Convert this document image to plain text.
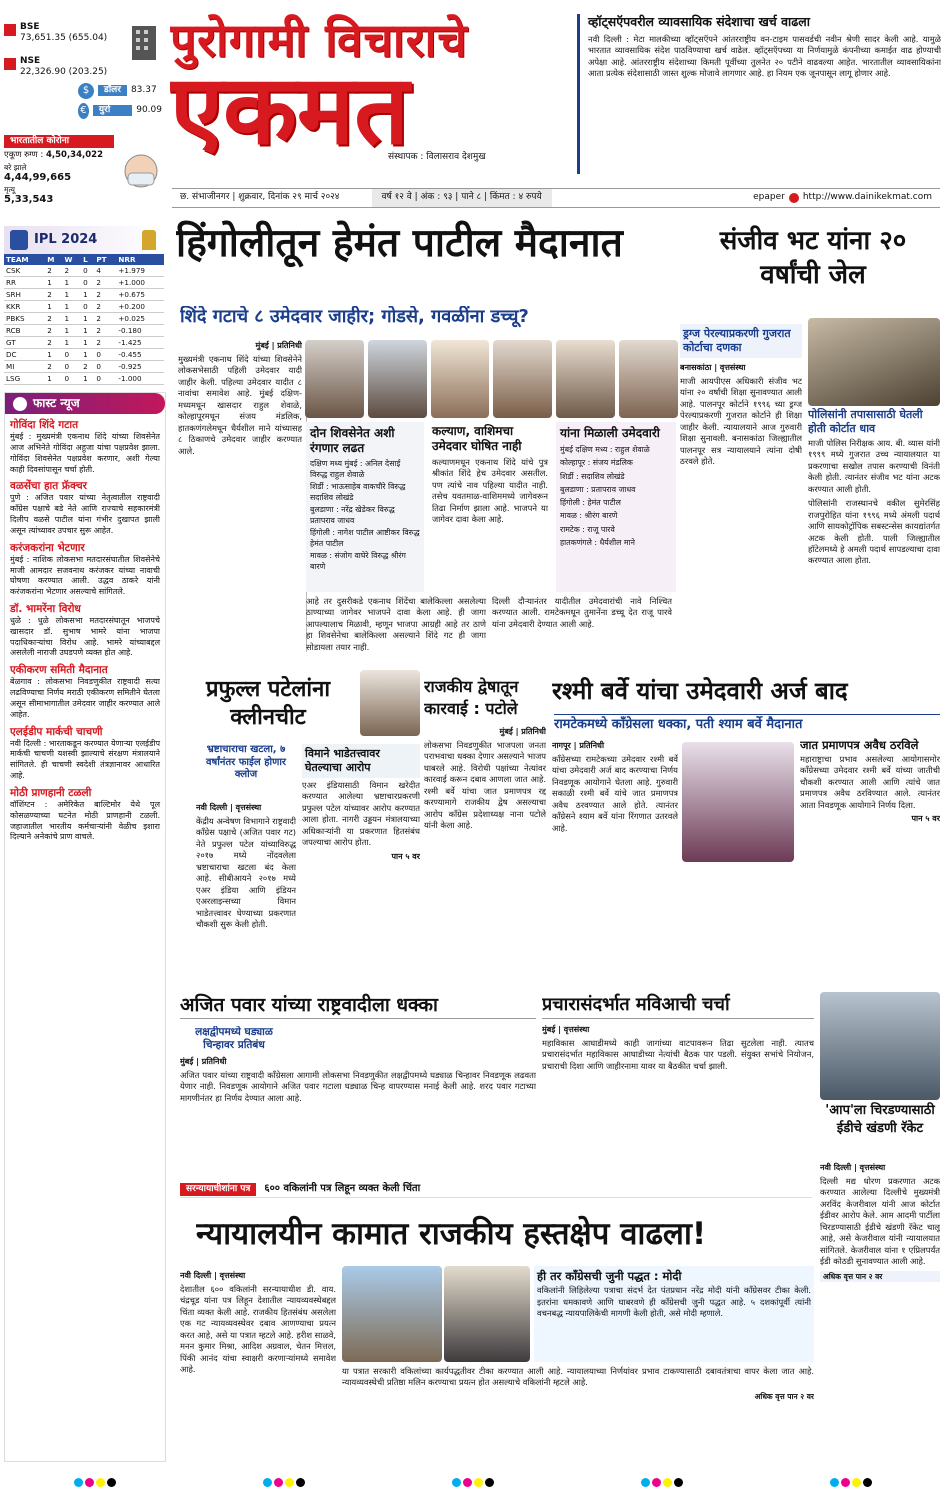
BSE
73,651.35 (655.04)
NSE
22,326.90 (203.25)
$	डॉलर	83.37
€	युरो	90.09
भारतातील कोरोना
एकूण रुग्ण : 4,50,34,022
बरे झाले
4,44,99,665
मृत्यू
5,33,543
IPL 2024
TEAM	M	W	L	PT	NRR
CSK	2	2	0	4	+1.979
RR	1	1	0	2	+1.000
SRH	2	1	1	2	+0.675
KKR	1	1	0	2	+0.200
PBKS	2	1	1	2	+0.025
RCB	2	1	1	2	-0.180
GT	2	1	1	2	-1.425
DC	1	0	1	0	-0.455
MI	2	0	2	0	-0.925
LSG	1	0	1	0	-1.000
फास्ट न्यूज
गोविंदा शिंदे गटात
मुंबई : मुख्यमंत्री एकनाथ शिंदे यांच्या शिवसेनेत आज अभिनेते गोविंदा अहुजा यांचा पक्षप्रवेश झाला. गोविंदा शिवसेनेत पक्षप्रवेश करणार, अशी गेल्या काही दिवसांपासून चर्चा होती.
वळसेंचा हात फ्रॅक्चर
पुणे : अजित पवार यांच्या नेतृत्वातील राष्ट्रवादी काँग्रेस पक्षाचे बडे नेते आणि राज्याचे सहकारमंत्री दिलीप वळसे पाटील यांना गंभीर दुखापत झाली असून त्यांच्यावर उपचार सुरू आहेत.
करंजकरांना भेटणार
मुंबई : नाशिक लोकसभा मतदारसंघातील शिवसेनेचे माजी आमदार सजवनाथ करंजकर यांच्या नावाची घोषणा करण्यात आली. उद्धव ठाकरे यांनी करंजकरांना भेटणार असल्याचे सांगितले.
डॉ. भामरेंना विरोध
धुळे : धुळे लोकसभा मतदारसंघातून भाजपचे खासदार डॉ. सुभाष भामरे यांना भाजपा पदाधिकाऱ्यांचा विरोध आहे. भामरे यांच्याबद्दल असलेली नाराजी उघडपणे व्यक्त होत आहे.
एकीकरण समिती मैदानात
बेळगाव : लोकसभा निवडणुकीत राष्ट्रवादी सत्या लढविण्याचा निर्णय मराठी एकीकरण समितीने घेतला असून सीमाभागातील उमेदवार जाहीर करण्यात आले आहेत.
एलईडीप मार्कची चाचणी
नवी दिल्ली : भारताकडून करण्यात येणाऱ्या एलईडीप मार्कची चाचणी यशस्वी झाल्याचे संरक्षण मंत्रालयाने सांगितले. ही चाचणी स्वदेशी तंत्रज्ञानावर आधारित आहे.
मोठी प्राणहानी टळली
वॉशिंग्टन : अमेरिकेत बाल्टिमोर येथे पूल कोसळण्याच्या घटनेत मोठी प्राणहानी टळली. जहाजातील भारतीय कर्मचाऱ्यांनी वेळीच इशारा दिल्याने अनेकांचे प्राण वाचले.
पुरोगामी विचाराचे
एकमत
संस्थापक : विलासराव देशमुख
व्हॉट्सऍपवरील व्यावसायिक संदेशाचा खर्च वाढला

नवी दिल्ली : मेटा मालकीच्या व्हॉट्सऍपने आंतरराष्ट्रीय वन-टाइम पासवर्डची नवीन श्रेणी सादर केली आहे. यामुळे भारतात व्यावसायिक संदेश पाठविण्याचा खर्च वाढेल. व्हॉट्सऍपच्या या निर्णयामुळे कंपनीच्या कमाईत वाढ होण्याची अपेक्षा आहे. आंतरराष्ट्रीय संदेशाच्या किमती पूर्वीच्या तुलनेत २० पटीने वाढवल्या आहेत. भारतातील व्यावसायिकांना आता प्रत्येक संदेशासाठी जास्त शुल्क मोजावे लागणार आहे. हा नियम एक जूनपासून लागू होणार आहे.

छ. संभाजीनगर | शुक्रवार, दिनांक २९ मार्च २०२४	वर्ष १२ वे | अंक : ९३ | पाने ८ | किंमत : ४ रुपये	epaper http://www.dainikekmat.com
हिंगोलीतून हेमंत पाटील मैदानात
शिंदे गटाचे ८ उमेदवार जाहीर; गोडसे, गवळींना डच्चू?
मुंबई | प्रतिनिधी

मुख्यमंत्री एकनाथ शिंदे यांच्या शिवसेनेने लोकसभेसाठी पहिली उमेदवार यादी जाहीर केली. पहिल्या उमेदवार यादीत ८ नावांचा समावेश आहे. मुंबई दक्षिण-मध्यमधून खासदार राहुल शेवाळे, कोल्हापूरमधून संजय मंडलिक, हातकणंगलेमधून धैर्यशील माने यांच्यासह ८ ठिकाणचे उमेदवार जाहीर करण्यात आले.

दोन शिवसेनेत अशी रंगणार लढत
दक्षिण मध्य मुंबई : अनिल देसाई विरुद्ध राहुल शेवाळे
शिर्डी : भाऊसाहेब वाकचौरे विरुद्ध सदाशिव लोखंडे
बुलडाणा : नरेंद्र खेडेकर विरुद्ध प्रतापराव जाधव
हिंगोली : नागेश पाटील आष्टीकर विरुद्ध हेमंत पाटील
मावळ : संजोग वाघेरे विरुद्ध श्रीरंग बारणे
कल्याण, वाशिमचा उमेदवार घोषित नाही

कल्याणमधून एकनाथ शिंदे यांचे पुत्र श्रीकांत शिंदे हेच उमेदवार असतील. पण त्यांचे नाव पहिल्या यादीत नाही. तसेच यवतमाळ-वाशिममध्ये जागेवरून तिढा निर्माण झाला आहे. भाजपने या जागेवर दावा केला आहे.

यांना मिळाली उमेदवारी
मुंबई दक्षिण मध्य : राहुल शेवाळे
कोल्हापूर : संजय मंडलिक
शिर्डी : सदाशिव लोखंडे
बुलडाणा : प्रतापराव जाधव
हिंगोली : हेमंत पाटील
मावळ : श्रीरंग बारणे
रामटेक : राजू पारवे
हातकणंगले : धैर्यशील माने

आहे तर दुसरीकडे एकनाथ शिंदेंचा बालेकिल्ला असलेल्या ठाण्याच्या जागेवर भाजपने दावा केला आहे. ही जागा आपल्यालाच मिळावी, म्हणून भाजपा आग्रही आहे तर ठाणे हा शिवसेनेचा बालेकिल्ला असल्याने शिंदे गट ही जागा सोडायला तयार नाही.

दिल्ली दौऱ्यानंतर यादीतील उमेदवारांची नावे निश्चित करण्यात आली. रामटेकमधून तुमानेंना डच्चू देत राजू पारवे यांना उमेदवारी देण्यात आली आहे.

संजीव भट यांना २० वर्षांची जेल
ड्रग्ज पेरल्याप्रकरणी गुजरात कोर्टाचा दणका
बनासकांठा | वृत्तसंस्था

माजी आयपीएस अधिकारी संजीव भट यांना २० वर्षांची शिक्षा सुनावण्यात आली आहे. पालनपूर कोर्टाने १९९६ च्या ड्रग्ज पेरल्याप्रकरणी गुजरात कोर्टाने ही शिक्षा जाहीर केली. न्यायालयाने आज गुरुवारी शिक्षा सुनावली. बनासकांठा जिल्ह्यातील पालनपूर सत्र न्यायालयाने त्यांना दोषी ठरवले होते.

पोलिसांनी तपासासाठी घेतली होती कोर्टात धाव

माजी पोलिस निरीक्षक आय. बी. व्यास यांनी १९९९ मध्ये गुजरात उच्च न्यायालयात या प्रकरणाचा सखोल तपास करण्याची विनंती केली होती. त्यानंतर संजीव भट यांना अटक करण्यात आली होती.

पोलिसांनी राजस्थानचे वकील सुमेरसिंह राजपुरोहित यांना १९९६ मध्ये अंमली पदार्थ आणि सायकोट्रॉपिक सबस्टन्सेस कायद्यांतर्गत अटक केली होती. पाली जिल्ह्यातील हॉटेलमध्ये हे अमली पदार्थ सापडल्याचा दावा करण्यात आला होता.

प्रफुल्ल पटेलांना क्लीनचीट
भ्रष्टाचाराचा खटला, ७ वर्षांनंतर फाईल होणार क्लोज
नवी दिल्ली | वृत्तसंस्था

केंद्रीय अन्वेषण विभागाने राष्ट्रवादी काँग्रेस पक्षाचे (अजित पवार गट) नेते प्रफुल्ल पटेल यांच्याविरुद्ध २०१७ मध्ये नोंदवलेला भ्रष्टाचाराचा खटला बंद केला आहे. सीबीआयने २०१७ मध्ये एअर इंडिया आणि इंडियन एअरलाइन्सच्या विमान भाडेतत्त्वावर घेण्याच्या प्रकरणात चौकशी सुरू केली होती.

विमाने भाडेतत्त्वावर घेतल्याचा आरोप

एअर इंडियासाठी विमान खरेदीत करण्यात आलेल्या भ्रष्टाचारप्रकरणी प्रफुल्ल पटेल यांच्यावर आरोप करण्यात आला होता. नागरी उड्डयन मंत्रालयाच्या अधिकाऱ्यांनी या प्रकरणात हितसंबंध जपल्याचा आरोप होता.

पान ५ वर
राजकीय द्वेषातून कारवाई : पटोले
मुंबई | प्रतिनिधी

लोकसभा निवडणुकीत भाजपला जनता पराभवाचा धक्का देणार असल्याने भाजप घाबरले आहे. विरोधी पक्षांच्या नेत्यांवर कारवाई करून दबाव आणला जात आहे. रश्मी बर्वे यांचा जात प्रमाणपत्र रद्द करण्यामागे राजकीय द्वेष असल्याचा आरोप काँग्रेस प्रदेशाध्यक्ष नाना पटोले यांनी केला आहे.

रश्मी बर्वे यांचा उमेदवारी अर्ज बाद
रामटेकमध्ये काँग्रेसला धक्का, पती श्याम बर्वे मैदानात
नागपूर | प्रतिनिधी

काँग्रेसच्या रामटेकच्या उमेदवार रश्मी बर्वे यांचा उमेदवारी अर्ज बाद करण्याचा निर्णय निवडणूक आयोगाने घेतला आहे. गुरुवारी सकाळी रश्मी बर्वे यांचे जात प्रमाणपत्र अवैध ठरवण्यात आले होते. त्यानंतर काँग्रेसने श्याम बर्वे यांना रिंगणात उतरवले आहे.

जात प्रमाणपत्र अवैध ठरविले

महाराष्ट्राचा प्रभाव असलेल्या आयोगासमोर काँग्रेसच्या उमेदवार रश्मी बर्वे यांच्या जातीची चौकशी करण्यात आली आणि त्यांचे जात प्रमाणपत्र अवैध ठरविण्यात आले. त्यानंतर आता निवडणूक आयोगाने निर्णय दिला.

पान ५ वर
अजित पवार यांच्या राष्ट्रवादीला धक्का
लक्षद्वीपमध्ये घड्याळ चिन्हावर प्रतिबंध
मुंबई | प्रतिनिधी

अजित पवार यांच्या राष्ट्रवादी काँग्रेसला आगामी लोकसभा निवडणुकीत लक्षद्वीपमध्ये घड्याळ चिन्हावर निवडणूक लढवता येणार नाही. निवडणूक आयोगाने अजित पवार गटाला घड्याळ चिन्ह वापरण्यास मनाई केली आहे. शरद पवार गटाच्या मागणीनंतर हा निर्णय देण्यात आला आहे.

प्रचारासंदर्भात मविआची चर्चा
मुंबई | वृत्तसंस्था

महाविकास आघाडीमध्ये काही जागांच्या वाटपावरून तिढा सुटलेला नाही. त्यातच प्रचारासंदर्भात महाविकास आघाडीच्या नेत्यांची बैठक पार पडली. संयुक्त सभांचे नियोजन, प्रचाराची दिशा आणि जाहीरनामा यावर या बैठकीत चर्चा झाली.

'आप'ला चिरडण्यासाठी ईडीचे खंडणी रॅकेट
नवी दिल्ली | वृत्तसंस्था

दिल्ली मद्य धोरण प्रकरणात अटक करण्यात आलेल्या दिल्लीचे मुख्यमंत्री अरविंद केजरीवाल यांनी आज कोर्टात ईडीवर आरोप केले. आम आदमी पार्टीला चिरडण्यासाठी ईडीचे खंडणी रॅकेट चालू आहे, असे केजरीवाल यांनी न्यायालयात सांगितले. केजरीवाल यांना १ एप्रिलपर्यंत ईडी कोठडी सुनावण्यात आली आहे.

अधिक वृत्त पान २ वर
सरन्यायाधीशांना पत्र	६०० वकिलांनी पत्र लिहून व्यक्त केली चिंता
न्यायालयीन कामात राजकीय हस्तक्षेप वाढला!
नवी दिल्ली | वृत्तसंस्था

देशातील ६०० वकिलांनी सरन्यायाधीश डी. वाय. चंद्रचूड यांना पत्र लिहून देशातील न्यायव्यवस्थेबद्दल चिंता व्यक्त केली आहे. राजकीय हितसंबंध असलेला एक गट न्यायव्यवस्थेवर दबाव आणण्याचा प्रयत्न करत आहे, असे या पत्रात म्हटले आहे. हरीश साळवे, मनन कुमार मिश्रा, आदिश अग्रवाल, चेतन मित्तल, पिंकी आनंद यांचा स्वाक्षरी करणाऱ्यांमध्ये समावेश आहे.

ही तर काँग्रेसची जुनी पद्धत : मोदी

वकिलांनी लिहिलेल्या पत्राचा संदर्भ देत पंतप्रधान नरेंद्र मोदी यांनी काँग्रेसवर टीका केली. इतरांना धमकावणे आणि घाबरवणे ही काँग्रेसची जुनी पद्धत आहे. ५ दशकांपूर्वी त्यांनी वचनबद्ध न्यायपालिकेची मागणी केली होती, असे मोदी म्हणाले.

या पत्रात सरकारी वकिलांच्या कार्यपद्धतीवर टीका करण्यात आली आहे. न्यायालयाच्या निर्णयांवर प्रभाव टाकण्यासाठी दबावतंत्राचा वापर केला जात आहे. न्यायव्यवस्थेची प्रतिष्ठा मलिन करण्याचा प्रयत्न होत असल्याचे वकिलांनी म्हटले आहे.

अधिक वृत्त पान २ वर
